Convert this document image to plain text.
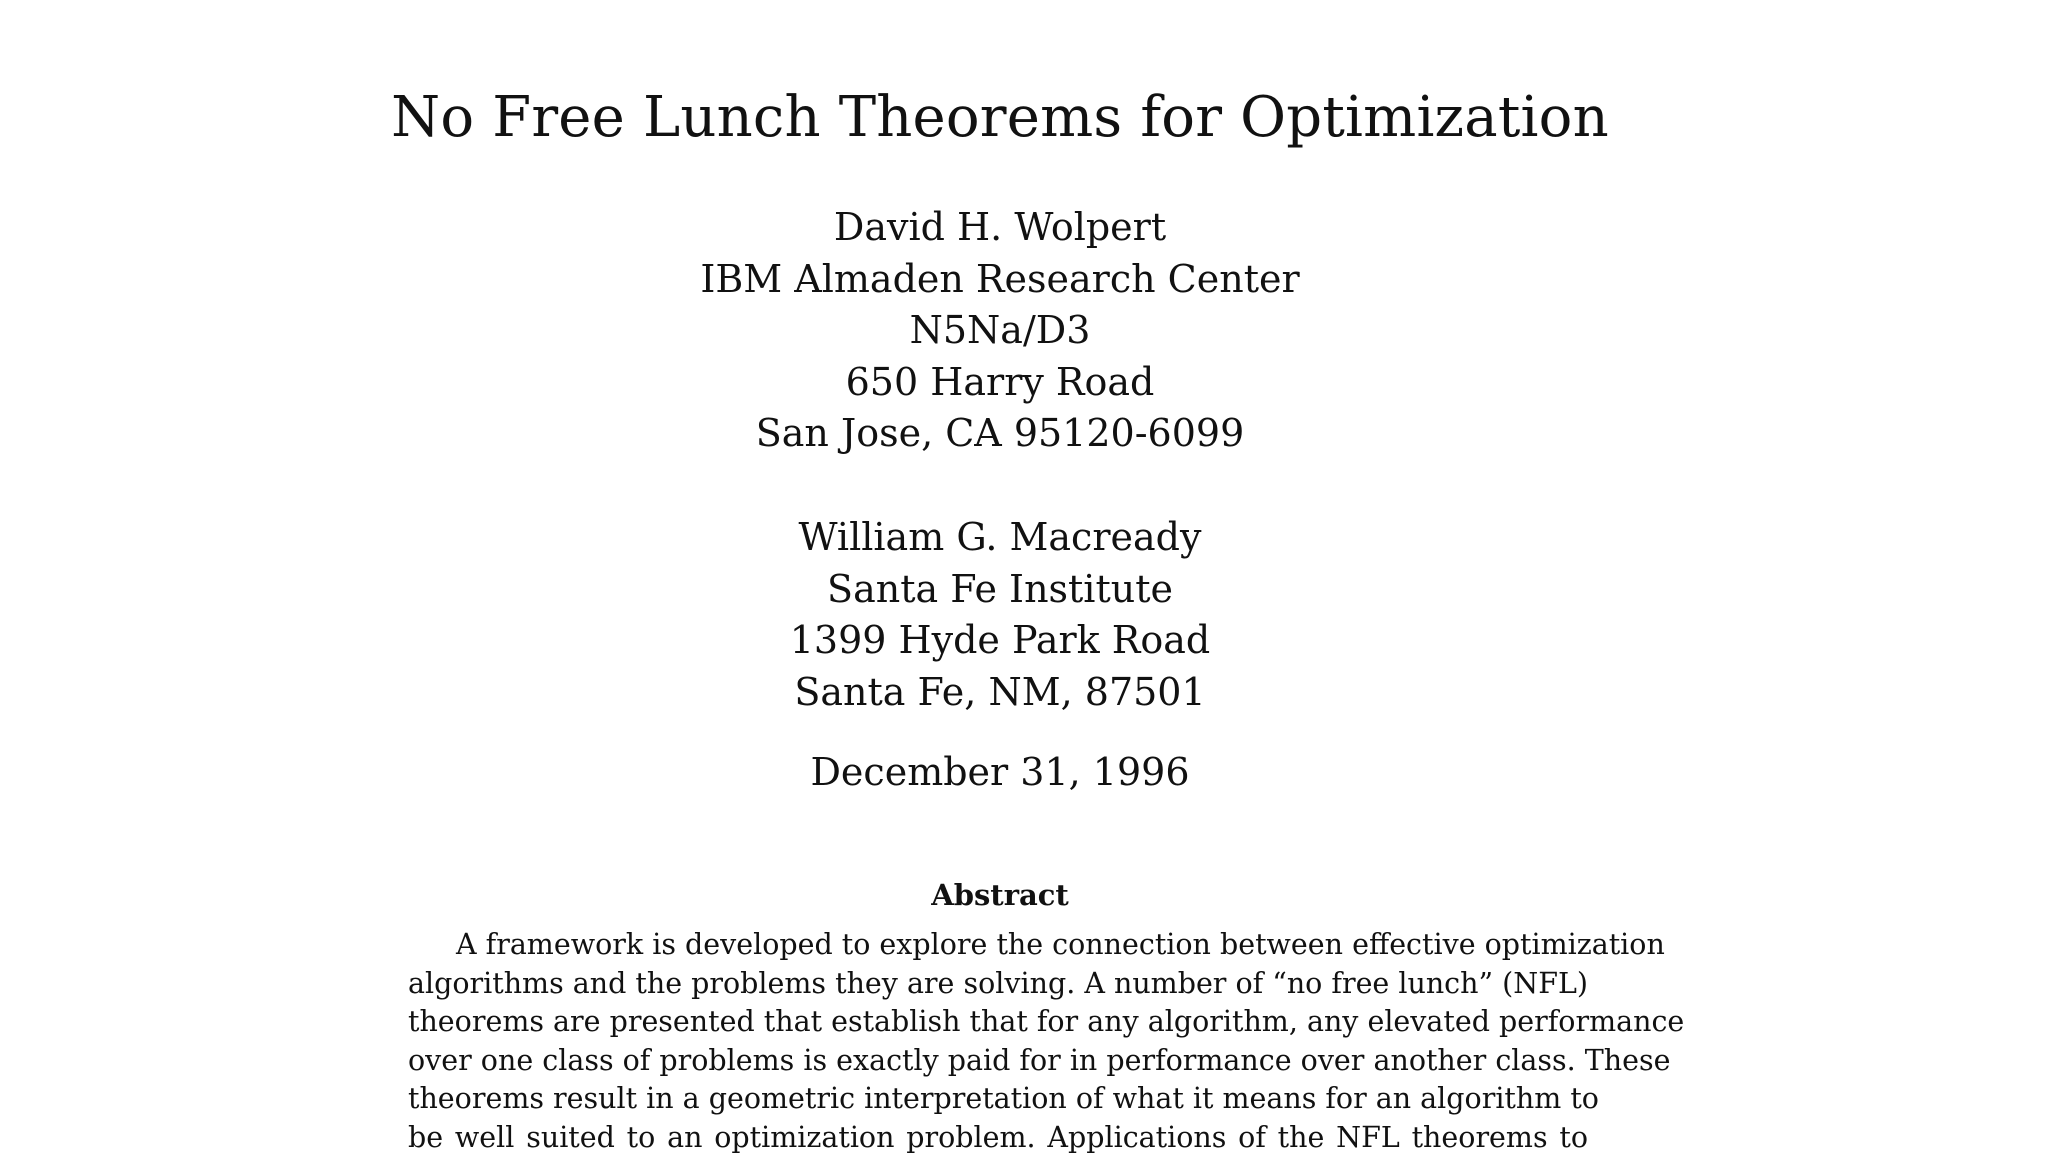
No Free Lunch Theorems for Optimization
David H. Wolpert
IBM Almaden Research Center
N5Na/D3
650 Harry Road
San Jose, CA 95120-6099
William G. Macready
Santa Fe Institute
1399 Hyde Park Road
Santa Fe, NM, 87501
December 31, 1996
Abstract
A framework is developed to explore the connection between effective optimization
algorithms and the problems they are solving. A number of “no free lunch” (NFL)
theorems are presented that establish that for any algorithm, any elevated performance
over one class of problems is exactly paid for in performance over another class. These
theorems result in a geometric interpretation of what it means for an algorithm to
be well suited to an optimization problem. Applications of the NFL theorems to
